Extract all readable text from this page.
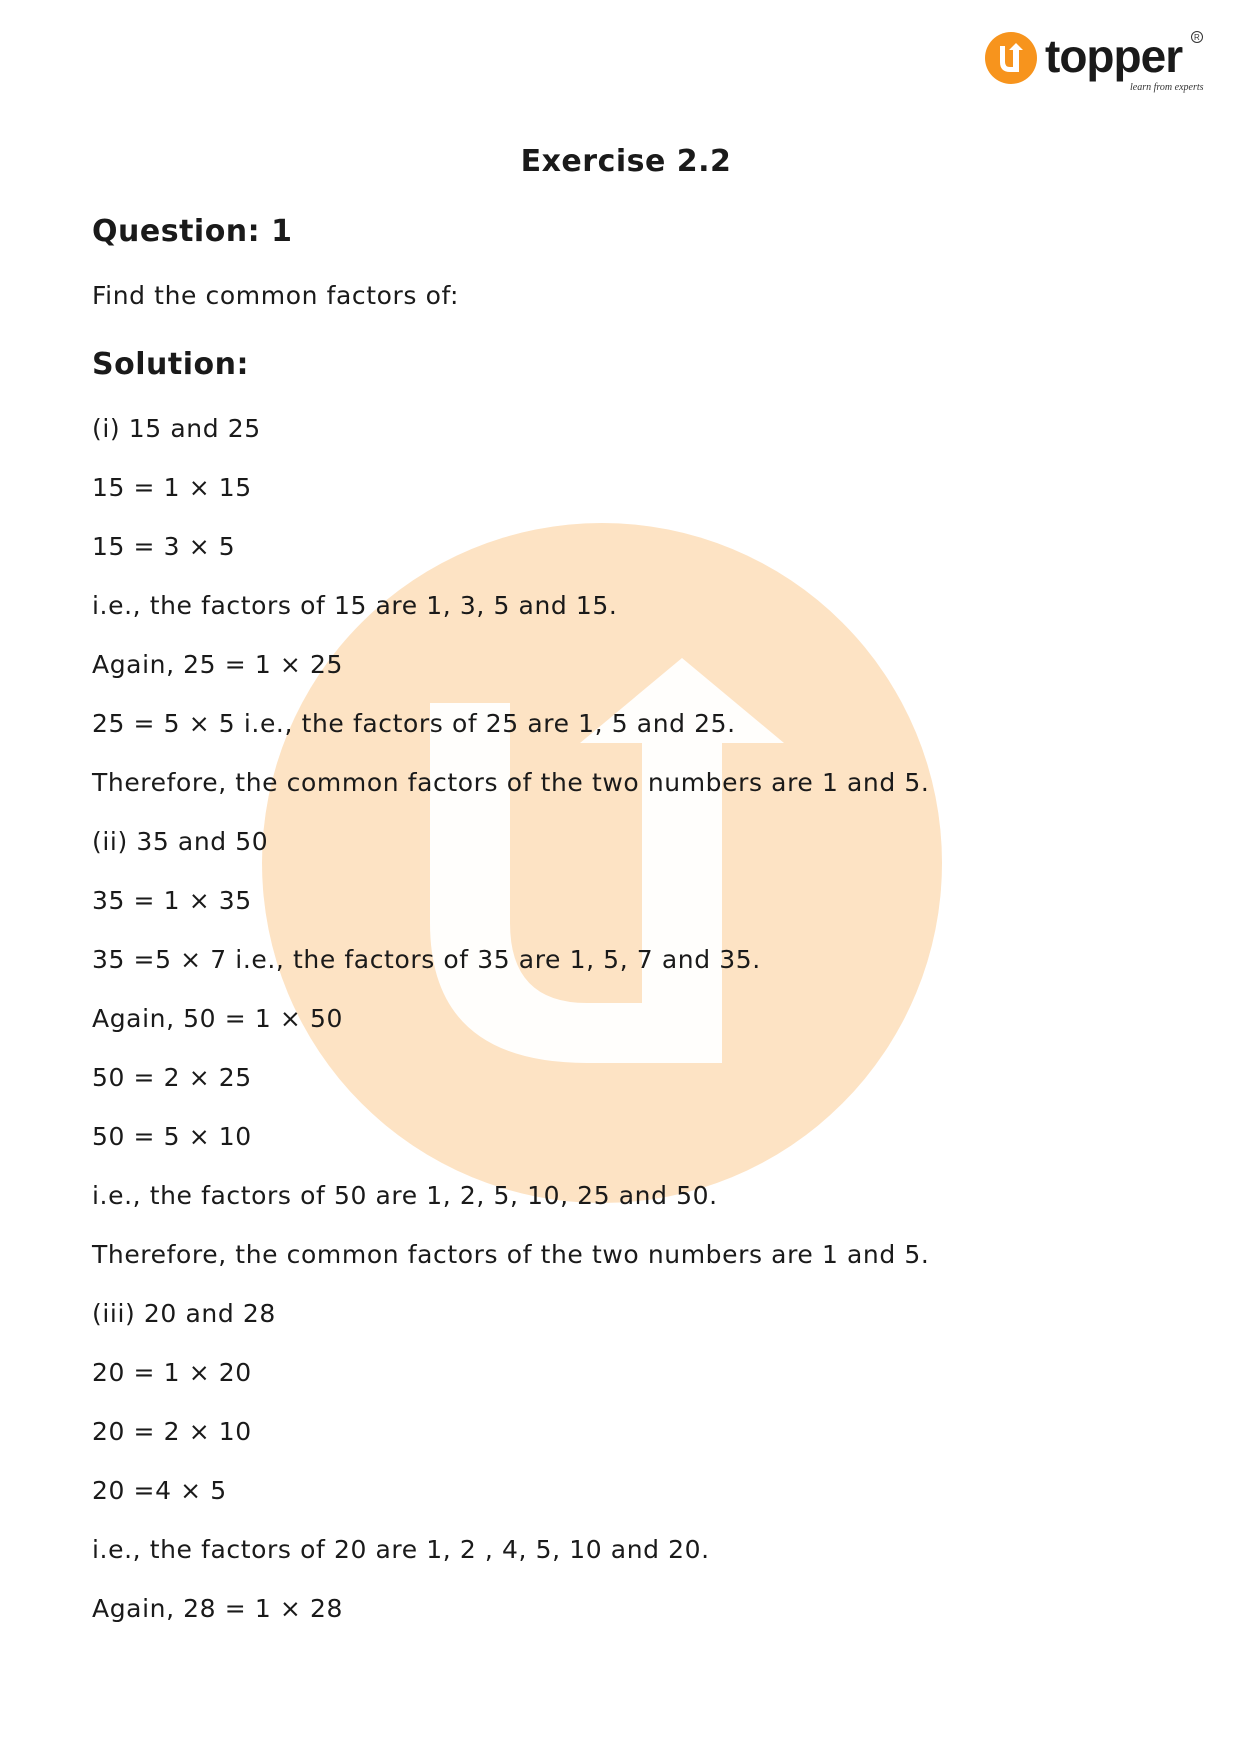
topper
learn from experts
R
Exercise 2.2
Question: 1
Find the common factors of:
Solution:
(i) 15 and 25
15 = 1 × 15
15 = 3 × 5
i.e., the factors of 15 are 1, 3, 5 and 15.
Again, 25 = 1 × 25
25 = 5 × 5 i.e., the factors of 25 are 1, 5 and 25.
Therefore, the common factors of the two numbers are 1 and 5.
(ii) 35 and 50
35 = 1 × 35
35 =5 × 7 i.e., the factors of 35 are 1, 5, 7 and 35.
Again, 50 = 1 × 50
50 = 2 × 25
50 = 5 × 10
i.e., the factors of 50 are 1, 2, 5, 10, 25 and 50.
Therefore, the common factors of the two numbers are 1 and 5.
(iii) 20 and 28
20 = 1 × 20
20 = 2 × 10
20 =4 × 5
i.e., the factors of 20 are 1, 2 , 4, 5, 10 and 20.
Again, 28 = 1 × 28
